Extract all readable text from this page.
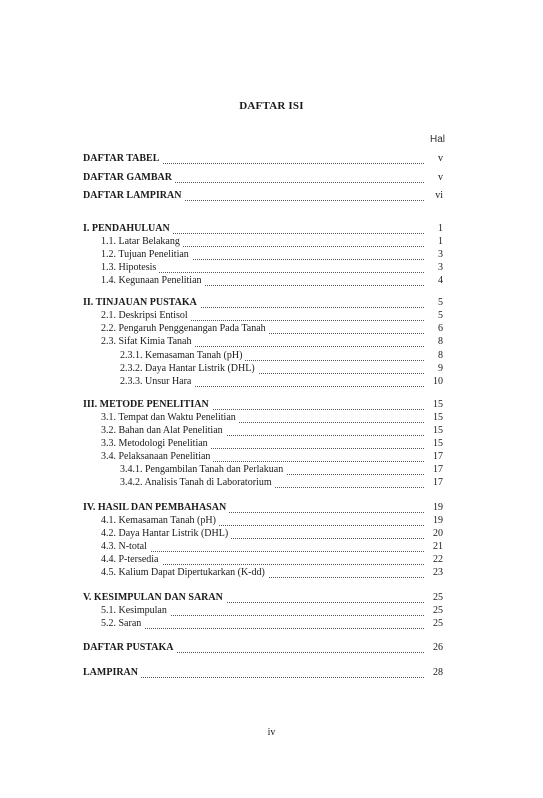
DAFTAR ISI
Hal
DAFTAR TABEL	v
DAFTAR GAMBAR	v
DAFTAR LAMPIRAN	vi
I. PENDAHULUAN	1
1.1. Latar Belakang	1
1.2. Tujuan Penelitian	3
1.3. Hipotesis	3
1.4. Kegunaan Penelitian	4
II. TINJAUAN PUSTAKA	5
2.1. Deskripsi Entisol	5
2.2. Pengaruh Penggenangan Pada Tanah	6
2.3. Sifat Kimia Tanah	8
2.3.1. Kemasaman Tanah (pH)	8
2.3.2. Daya Hantar Listrik (DHL)	9
2.3.3. Unsur Hara	10
III. METODE PENELITIAN	15
3.1. Tempat dan Waktu Penelitian	15
3.2. Bahan dan Alat Penelitian	15
3.3. Metodologi Penelitian	15
3.4. Pelaksanaan Penelitian	17
3.4.1. Pengambilan Tanah dan Perlakuan	17
3.4.2. Analisis Tanah di Laboratorium	17
IV. HASIL DAN PEMBAHASAN	19
4.1. Kemasaman Tanah (pH)	19
4.2. Daya Hantar Listrik (DHL)	20
4.3. N-total	21
4.4. P-tersedia	22
4.5. Kalium Dapat Dipertukarkan (K-dd)	23
V. KESIMPULAN DAN SARAN	25
5.1. Kesimpulan	25
5.2. Saran	25
DAFTAR PUSTAKA	26
LAMPIRAN	28
iv
